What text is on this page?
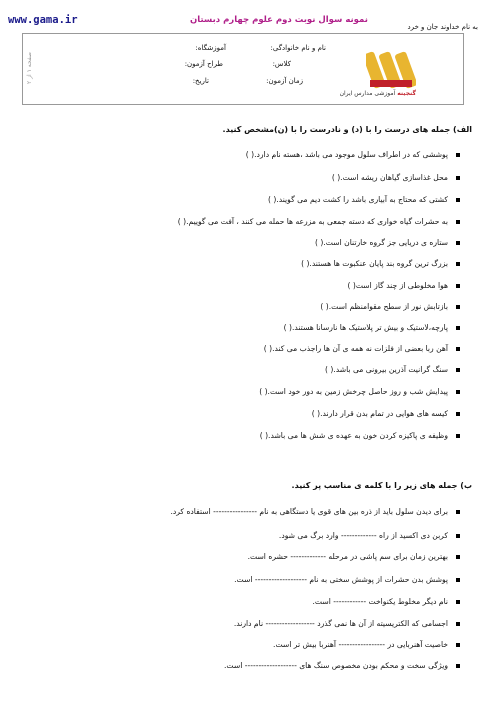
www.gama.ir	نمونه سوال نوبت دوم علوم چهارم دبستان
به نام خداوند جان و خرد
گنجینه آموزشی مدارس ایران
نام و نام خانوادگی:
آموزشگاه:
کلاس:
طراح آزمون:
زمان آزمون:
تاریخ:
صفحه ۱ از ۲
الف) جمله های درست را با (د) و نادرست را با (ن)مشخص کنید.
پوششی که در اطراف سلول موجود می باشد ،هسته نام دارد.( )
محل غذاسازی گیاهان ریشه است.( )
کشتی که محتاج به آبیاری باشد را کشت دیم می گویند.( )
به حشرات گیاه خواری که دسته جمعی به مزرعه ها حمله می کنند ، آفت می گوییم.( )
ستاره ی دریایی جز گروه خارتنان است.( )
بزرگ ترین گروه بند پایان عنکبوت ها هستند.( )
هوا مخلوطی از چند گاز است( )
بازتابش نور از سطح مقوامنظم است.( )
پارچه،لاستیک و بیش تر پلاستیک ها نارسانا هستند.( )
آهن ربا بعضی از فلزات نه همه ی آن ها راجذب می کند.( )
سنگ گرانیت آذرین بیرونی می باشد.( )
پیدایش شب و روز حاصل چرخش زمین به دور خود است.( )
کیسه های هوایی در تمام بدن قرار دارند.( )
وظیفه ی پاکیزه کردن خون به عهده ی شش ها می باشد.( )
ب) جمله های زیر را با کلمه ی مناسب پر کنید.
برای دیدن سلول باید از ذره بین های قوی یا دستگاهی به نام ---------------- استفاده کرد.
کربن دی اکسید از راه ------------- وارد برگ می شود.
بهترین زمان برای سم پاشی در مرحله ------------- حشره است.
پوشش بدن حشرات از پوشش سختی به نام ------------------- است.
نام دیگر مخلوط یکنواخت ------------ است.
اجسامی که الکتریسیته از آن ها نمی گذرد ------------------ نام دارند.
خاصیت آهنربایی در ----------------- آهنربا بیش تر است.
ویژگی سخت و محکم بودن مخصوص سنگ های ------------------- است.
